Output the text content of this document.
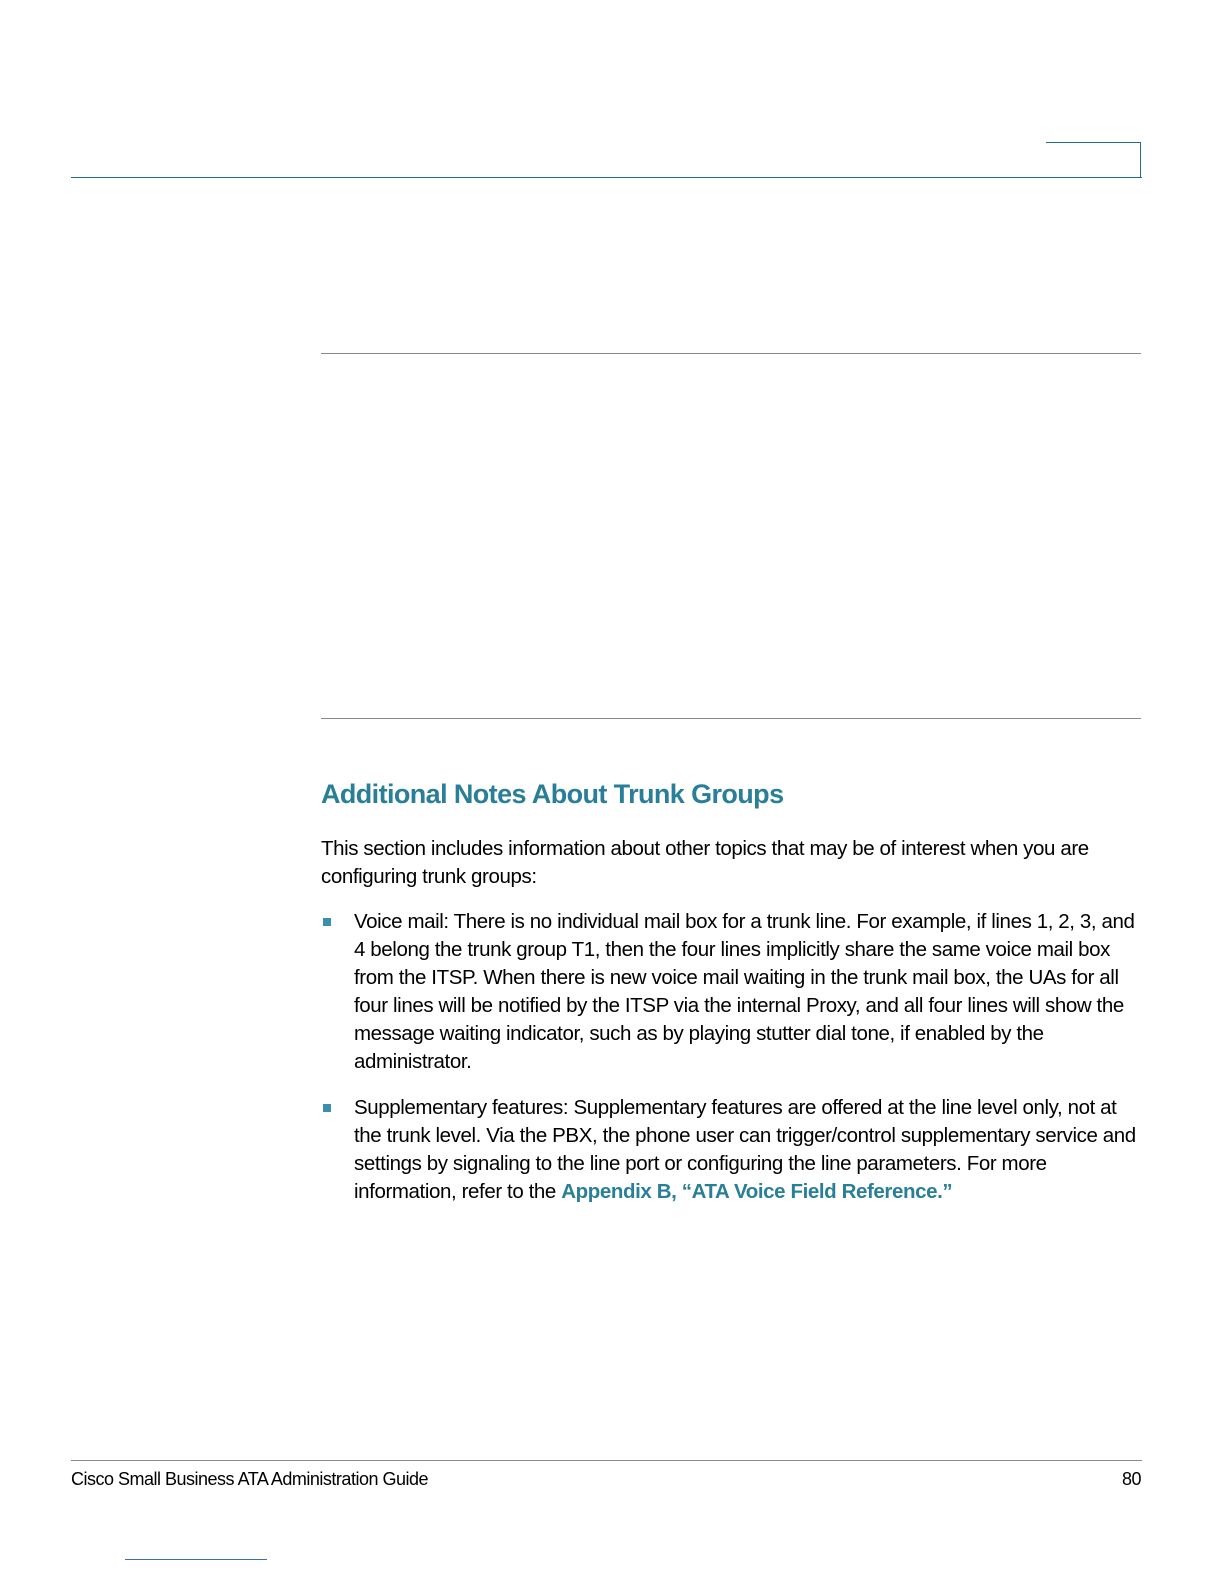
Additional Notes About Trunk Groups

This section includes information about other topics that may be of interest when you are configuring trunk groups:

Voice mail: There is no individual mail box for a trunk line. For example, if lines 1, 2, 3, and 4 belong the trunk group T1, then the four lines implicitly share the same voice mail box from the ITSP. When there is new voice mail waiting in the trunk mail box, the UAs for all four lines will be notified by the ITSP via the internal Proxy, and all four lines will show the message waiting indicator, such as by playing stutter dial tone, if enabled by the administrator.
Supplementary features: Supplementary features are offered at the line level only, not at the trunk level. Via the PBX, the phone user can trigger/control supplementary service and settings by signaling to the line port or configuring the line parameters. For more information, refer to the Appendix B, “ATA Voice Field Reference.”
Cisco Small Business ATA Administration Guide	80
